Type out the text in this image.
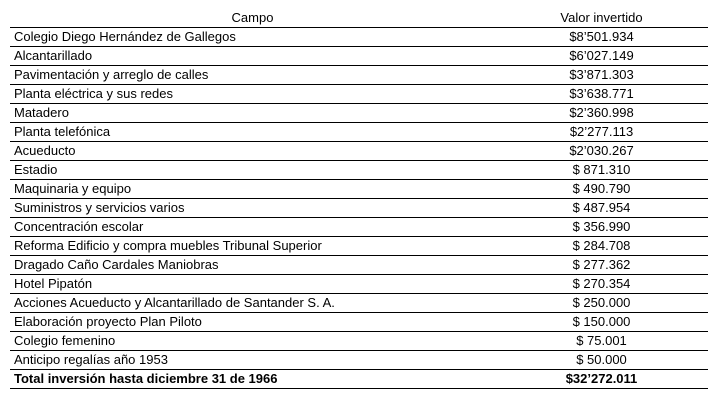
Campo	Valor invertido
Colegio Diego Hernández de Gallegos	$8’501.934
Alcantarillado	$6’027.149
Pavimentación y arreglo de calles	$3’871.303
Planta eléctrica y sus redes	$3’638.771
Matadero	$2’360.998
Planta telefónica	$2’277.113
Acueducto	$2’030.267
Estadio	$ 871.310
Maquinaria y equipo	$ 490.790
Suministros y servicios varios	$ 487.954
Concentración escolar	$ 356.990
Reforma Edificio y compra muebles Tribunal Superior	$ 284.708
Dragado Caño Cardales Maniobras	$ 277.362
Hotel Pipatón	$ 270.354
Acciones Acueducto y Alcantarillado de Santander S. A.	$ 250.000
Elaboración proyecto Plan Piloto	$ 150.000
Colegio femenino	$ 75.001
Anticipo regalías año 1953	$ 50.000
Total inversión hasta diciembre 31 de 1966	$32’272.011
